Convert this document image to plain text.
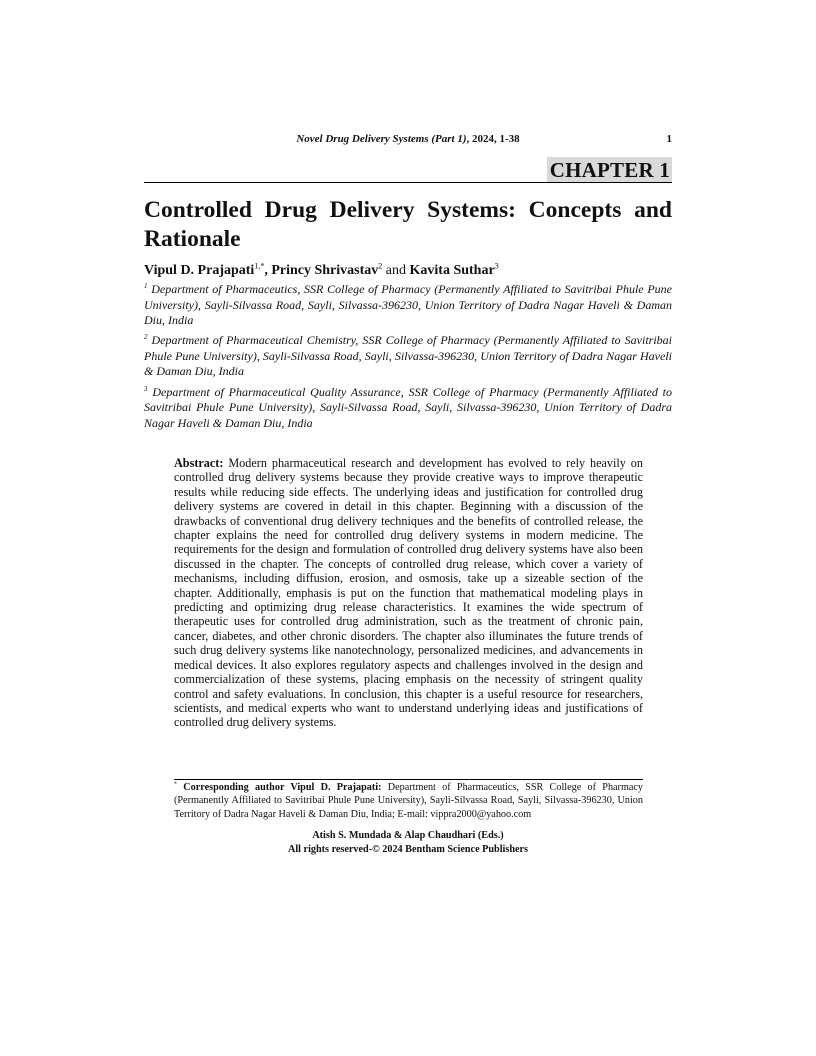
Novel Drug Delivery Systems (Part 1), 2024, 1-38	1
CHAPTER 1
Controlled Drug Delivery Systems: Concepts and Rationale
Vipul D. Prajapati$^{1,*}$, Princy Shrivastav$^2$ and Kavita Suthar$^3$

$^1$ Department of Pharmaceutics, SSR College of Pharmacy (Permanently Affiliated to Savitribai Phule Pune University), Sayli-Silvassa Road, Sayli, Silvassa-396230, Union Territory of Dadra Nagar Haveli & Daman Diu, India

$^2$ Department of Pharmaceutical Chemistry, SSR College of Pharmacy (Permanently Affiliated to Savitribai Phule Pune University), Sayli-Silvassa Road, Sayli, Silvassa-396230, Union Territory of Dadra Nagar Haveli & Daman Diu, India

$^3$ Department of Pharmaceutical Quality Assurance, SSR College of Pharmacy (Permanently Affiliated to Savitribai Phule Pune University), Sayli-Silvassa Road, Sayli, Silvassa-396230, Union Territory of Dadra Nagar Haveli & Daman Diu, India

Abstract: Modern pharmaceutical research and development has evolved to rely heavily on controlled drug delivery systems because they provide creative ways to improve therapeutic results while reducing side effects. The underlying ideas and justification for controlled drug delivery systems are covered in detail in this chapter. Beginning with a discussion of the drawbacks of conventional drug delivery techniques and the benefits of controlled release, the chapter explains the need for controlled drug delivery systems in modern medicine. The requirements for the design and formulation of controlled drug delivery systems have also been discussed in the chapter. The concepts of controlled drug release, which cover a variety of mechanisms, including diffusion, erosion, and osmosis, take up a sizeable section of the chapter. Additionally, emphasis is put on the function that mathematical modeling plays in predicting and optimizing drug release characteristics. It examines the wide spectrum of therapeutic uses for controlled drug administration, such as the treatment of chronic pain, cancer, diabetes, and other chronic disorders. The chapter also illuminates the future trends of such drug delivery systems like nanotechnology, personalized medicines, and advancements in medical devices. It also explores regulatory aspects and challenges involved in the design and commercialization of these systems, placing emphasis on the necessity of stringent quality control and safety evaluations. In conclusion, this chapter is a useful resource for researchers, scientists, and medical experts who want to understand underlying ideas and justifications of controlled drug delivery systems.

* Corresponding author Vipul D. Prajapati: Department of Pharmaceutics, SSR College of Pharmacy (Permanently Affiliated to Savitribai Phule Pune University), Sayli-Silvassa Road, Sayli, Silvassa-396230, Union Territory of Dadra Nagar Haveli & Daman Diu, India; E-mail: vippra2000@yahoo.com

Atish S. Mundada & Alap Chaudhari (Eds.)
All rights reserved-© 2024 Bentham Science Publishers
